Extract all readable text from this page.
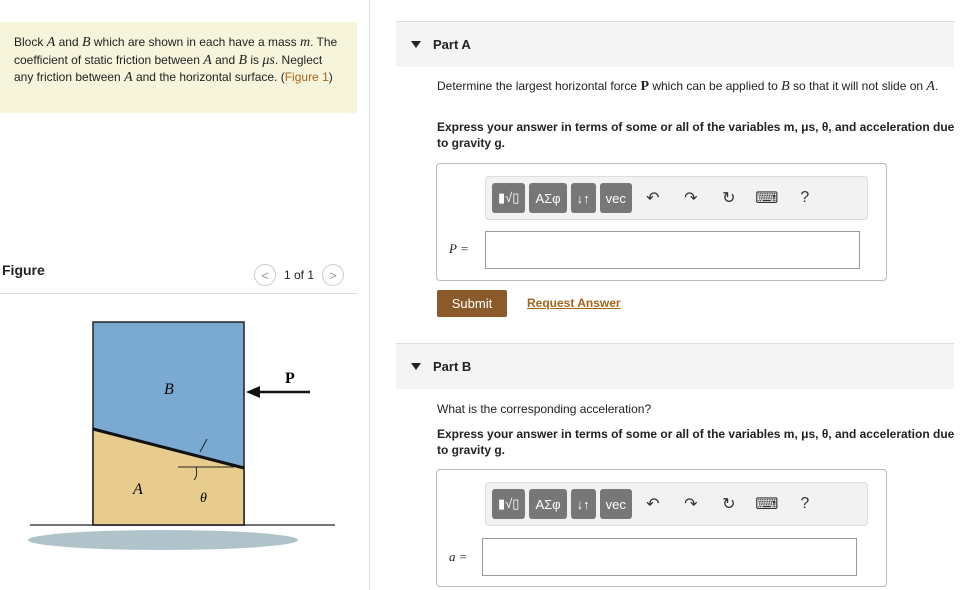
Block A and B which are shown in each have a mass m. The coefficient of static friction between A and B is μs. Neglect any friction between A and the horizontal surface. (Figure 1)
Figure	<	1 of 1	>
B
A
P
θ
Part A
Determine the largest horizontal force P which can be applied to B so that it will not slide on A.
Express your answer in terms of some or all of the variables m, μs, θ, and acceleration due to gravity g.
▮√▯	ΑΣφ	↓↑	vec	↶	↷	↻	⌨	?
P =
Submit	Request Answer
Part B
What is the corresponding acceleration?
Express your answer in terms of some or all of the variables m, μs, θ, and acceleration due to gravity g.
▮√▯	ΑΣφ	↓↑	vec	↶	↷	↻	⌨	?
a =
